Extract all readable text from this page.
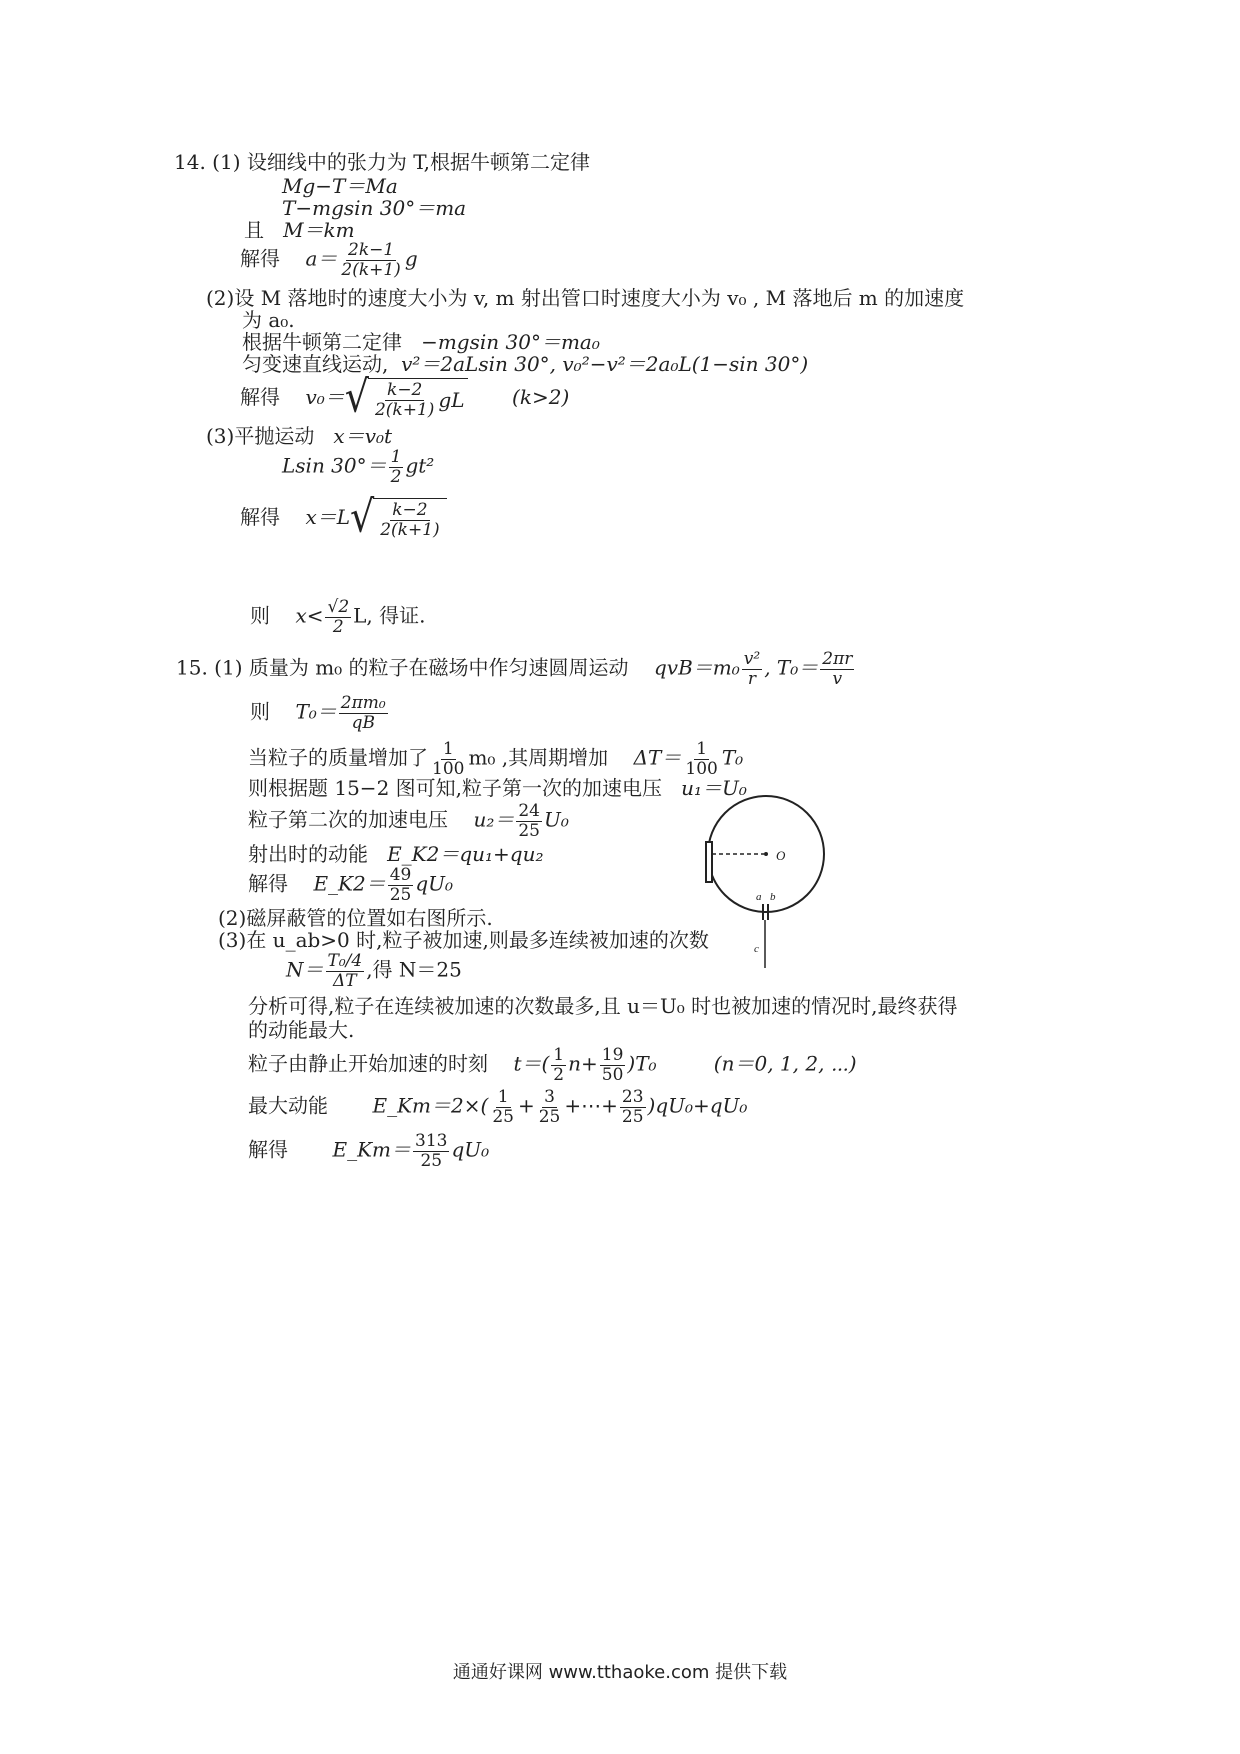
14. (1) 设细线中的张力为 T,根据牛顿第二定律
Mg−T＝Ma
T−mgsin 30°＝ma
且 M＝km
解得 $a= \frac{2k-1}{2(k+1)}$ g
(2)设 M 落地时的速度大小为 v, m 射出管口时速度大小为 v₀ , M 落地后 m 的加速度
为 a₀.
根据牛顿第二定律 −mgsin 30°＝ma₀
匀变速直线运动, v²＝2aLsin 30°, v₀²−v²＝2a₀L(1−sin 30°)
解得 v₀＝ √ $\frac{k-2}{2(k+1)}$ gL (k>2)
(3)平抛运动 x＝v₀t
Lsin $30^\circ= \frac{1}{2} gt^2$
解得 x＝L √ $\frac{k-2}{2(k+1)}$
则 $x< \frac{√2}{2} L$, 得证.
15. (1) 质量为 m₀ 的粒子在磁场中作匀速圆周运动 $qvB=m_0 \frac{\text{v²}}{r}$ , $T_0= \frac{2\pi r}{v}$
则 $T_0= \frac{\text{2πm₀}}{qB}$
当粒子的质量增加了 $\frac{1}{100} m_0$ ,其周期增加 $\Delta T= \frac{1}{100} T_0$
则根据题 15−2 图可知,粒子第一次的加速电压 u₁＝U₀
粒子第二次的加速电压 $u_2= \frac{24}{25} U_0$
射出时的动能 E_K2＝qu₁+qu₂
解得 E_K2＝ $\frac{49}{25} qU_0$
(2)磁屏蔽管的位置如右图所示.
(3)在 u_ab>0 时,粒子被加速,则最多连续被加速的次数
$N= \frac{\text{T₀/4}}{\Delta T}$ ,得 N＝25
分析可得,粒子在连续被加速的次数最多,且 u＝U₀ 时也被加速的情况时,最终获得
的动能最大.
粒子由静止开始加速的时刻 $t=( \frac{1}{2} n+ \frac{19}{50} )T_0$	(n＝0, 1, 2, ⋯)
最大动能 E_Km＝2×( $\frac{1}{25} + \frac{3}{25}$ +⋯+ $\frac{23}{25} )qU_0+qU_0$
解得 E_Km＝ $\frac{313}{25} qU_0$
O
a b
c
通通好课网 www.tthaoke.com 提供下载
